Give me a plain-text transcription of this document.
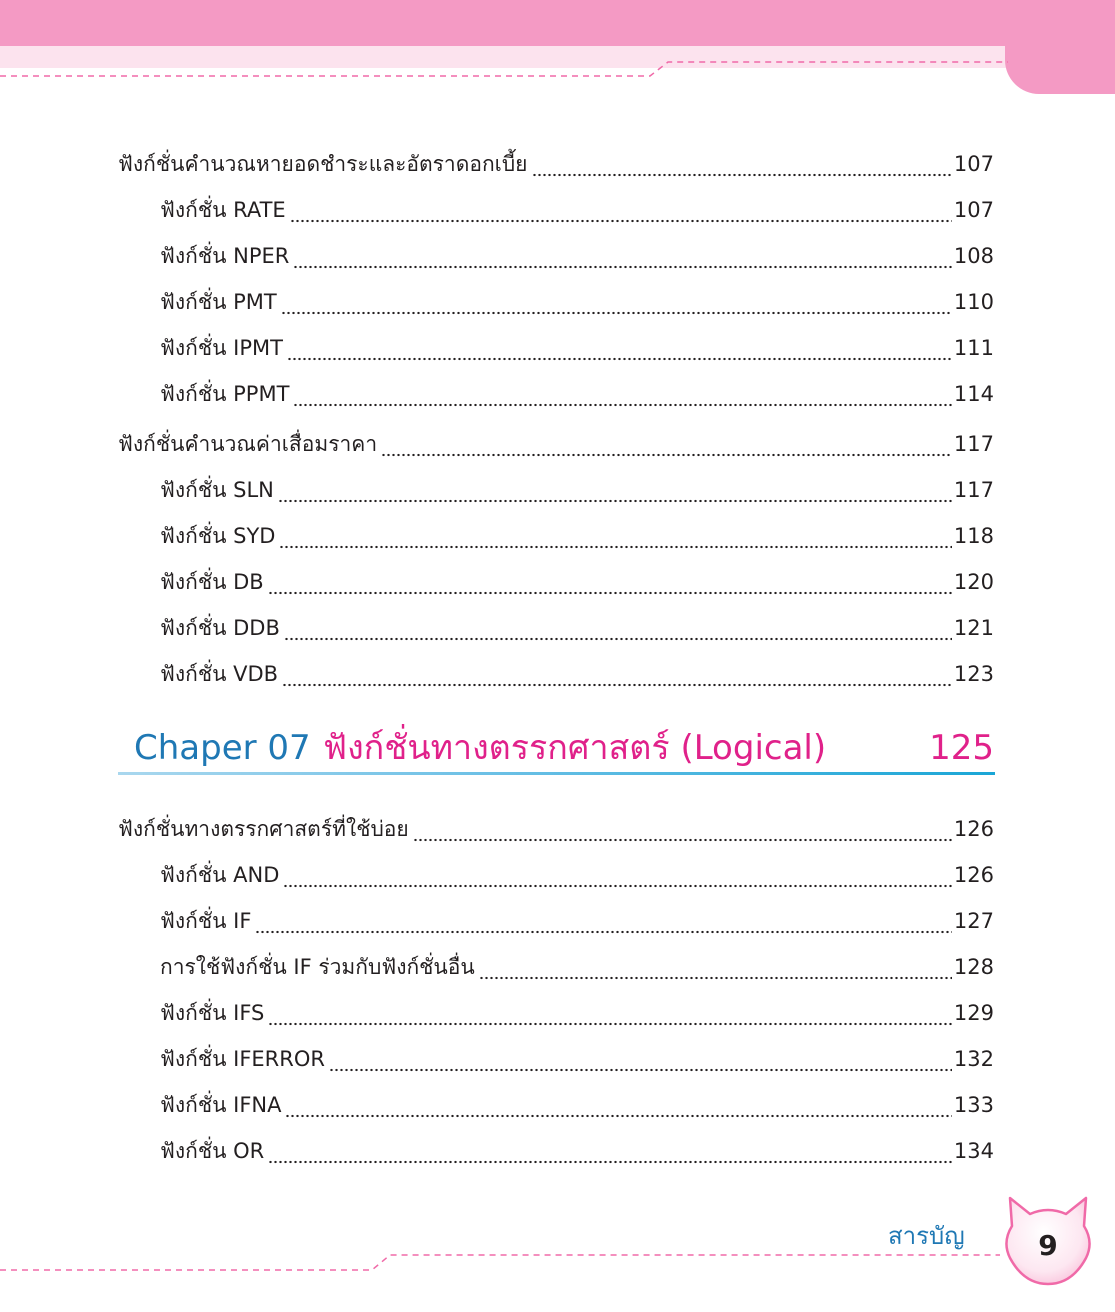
ฟังก์ชั่นคำนวณหายอดชำระและอัตราดอกเบี้ย	107
ฟังก์ชั่น RATE	107
ฟังก์ชั่น NPER	108
ฟังก์ชั่น PMT	110
ฟังก์ชั่น IPMT	111
ฟังก์ชั่น PPMT	114
ฟังก์ชั่นคำนวณค่าเสื่อมราคา	117
ฟังก์ชั่น SLN	117
ฟังก์ชั่น SYD	118
ฟังก์ชั่น DB	120
ฟังก์ชั่น DDB	121
ฟังก์ชั่น VDB	123
Chaper 07 ฟังก์ชั่นทางตรรกศาสตร์ (Logical)	125
ฟังก์ชั่นทางตรรกศาสตร์ที่ใช้บ่อย	126
ฟังก์ชั่น AND	126
ฟังก์ชั่น IF	127
การใช้ฟังก์ชั่น IF ร่วมกับฟังก์ชั่นอื่น	128
ฟังก์ชั่น IFS	129
ฟังก์ชั่น IFERROR	132
ฟังก์ชั่น IFNA	133
ฟังก์ชั่น OR	134
สารบัญ	9
